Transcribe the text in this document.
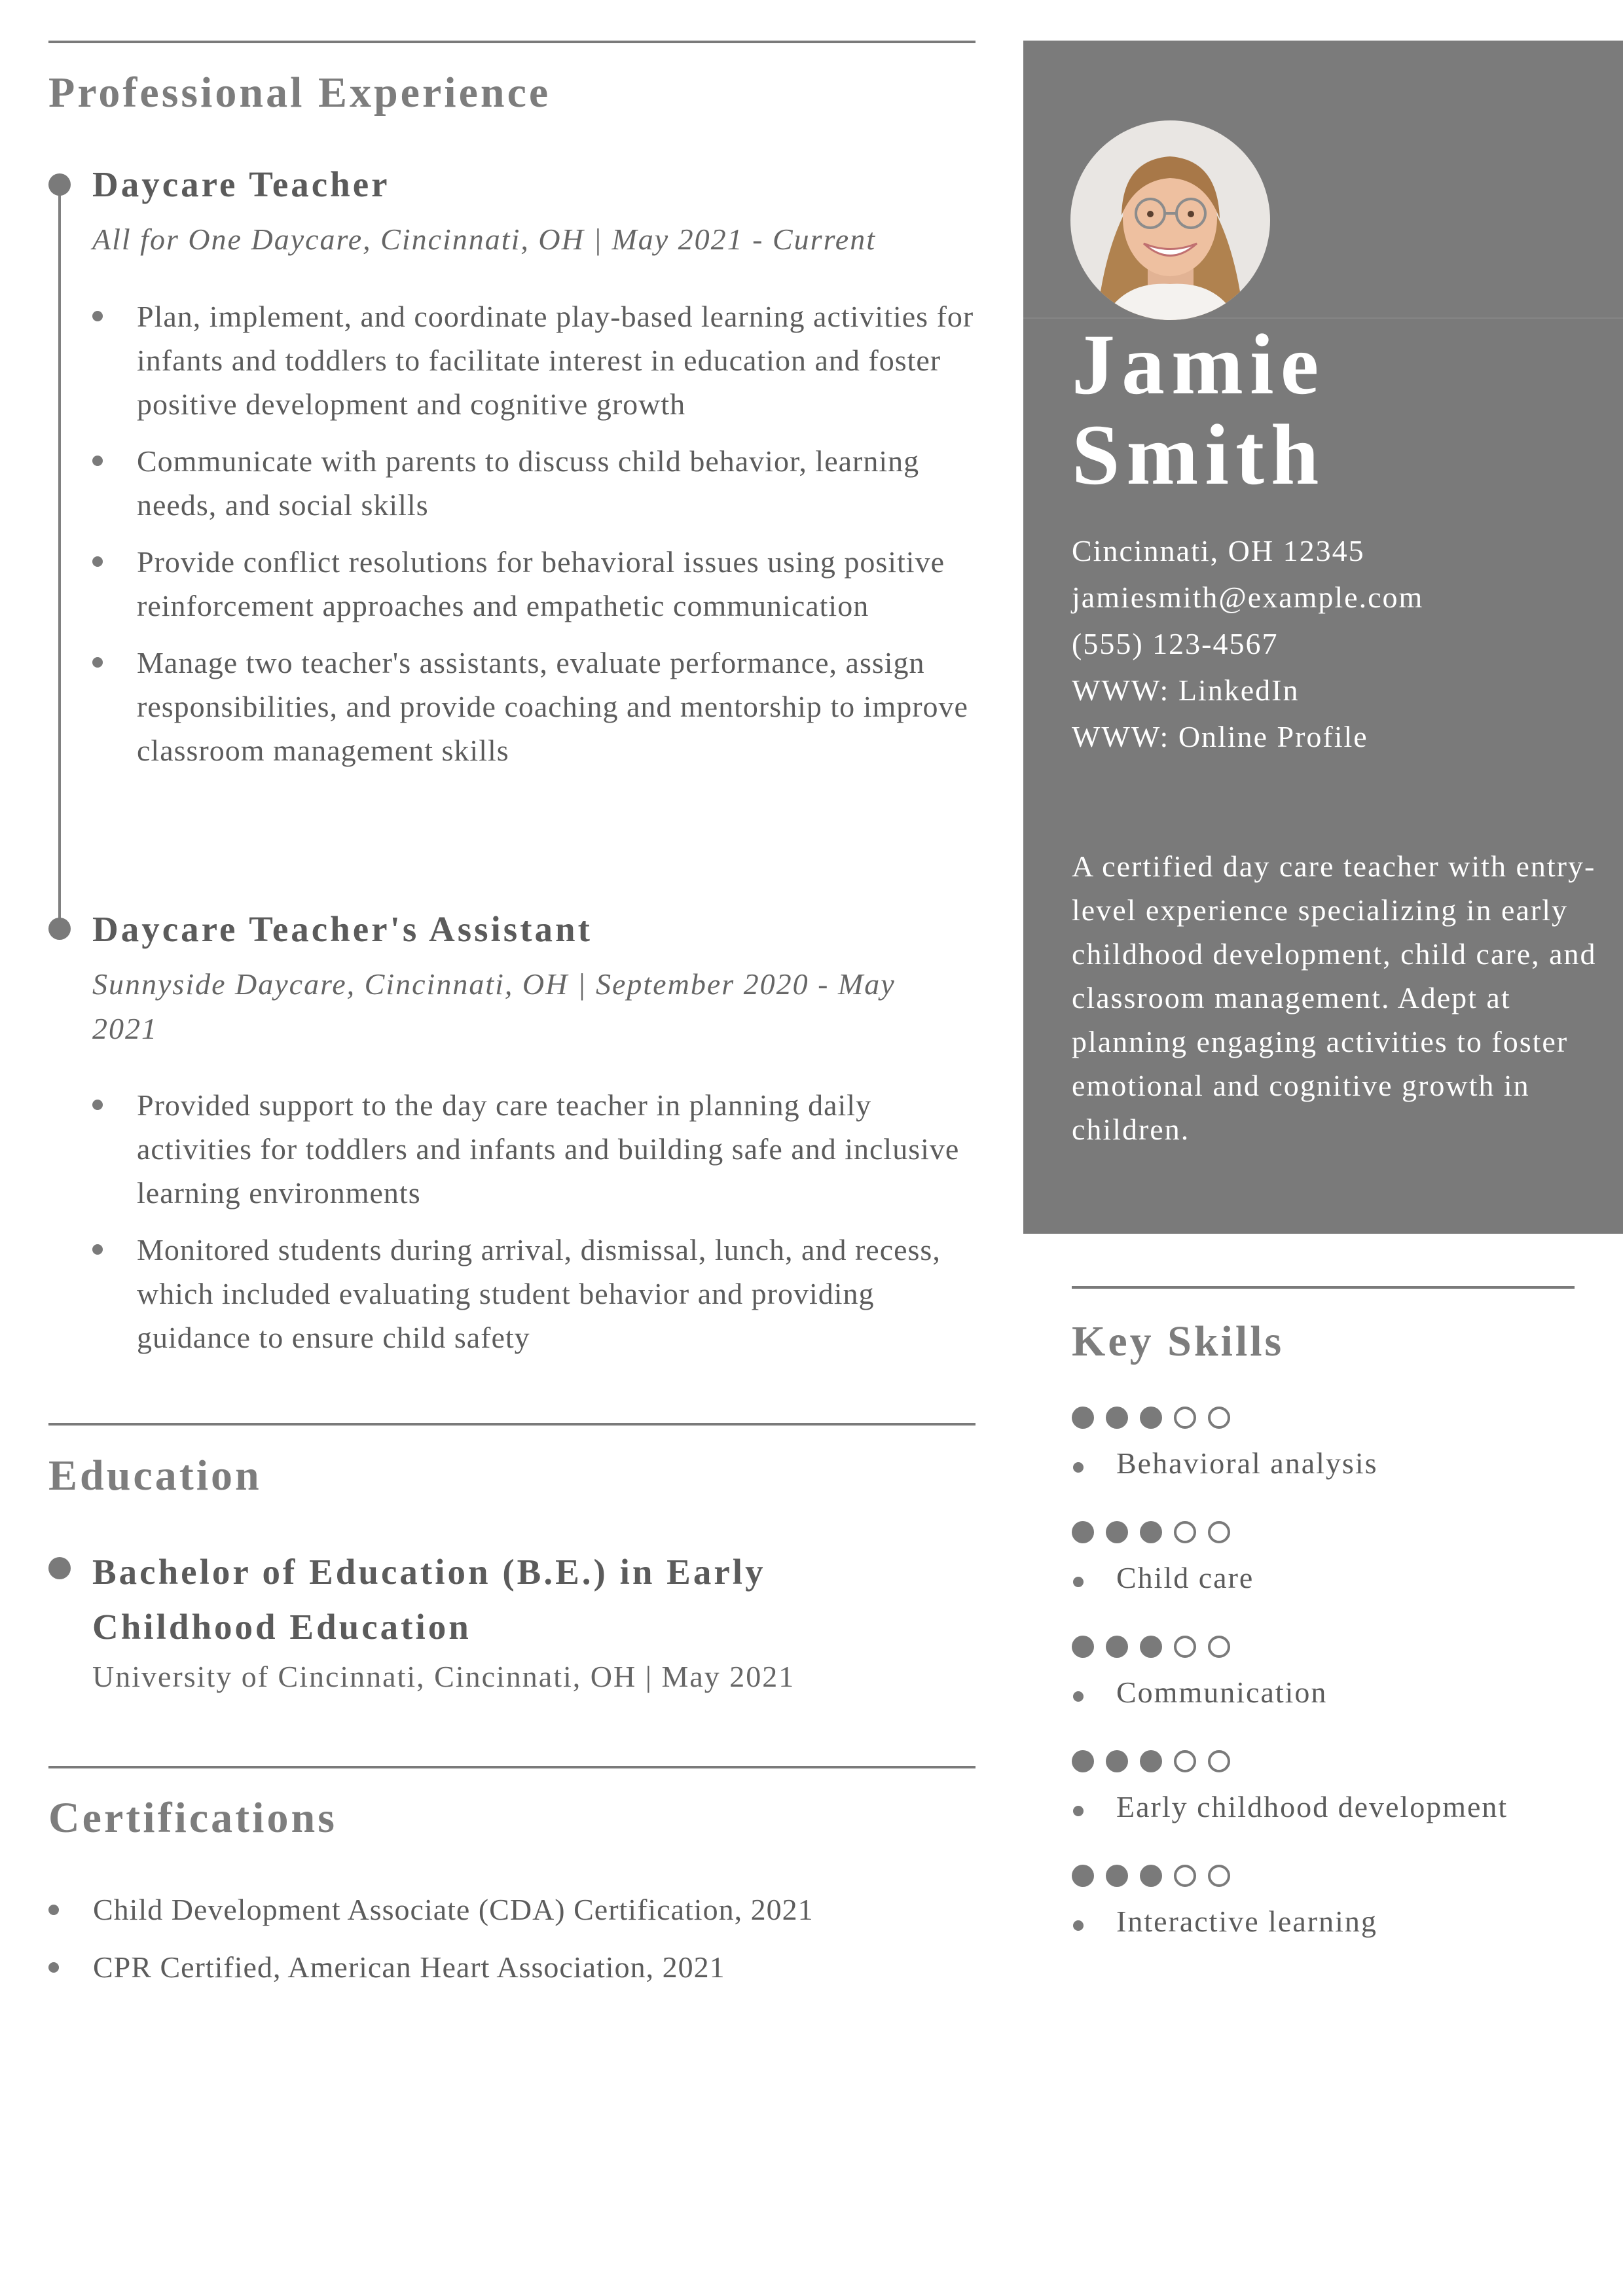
Professional Experience
Daycare Teacher
All for One Daycare, Cincinnati, OH | May 2021 - Current
Plan, implement, and coordinate play-based learning activities for infants and toddlers to facilitate interest in education and foster positive development and cognitive growth
Communicate with parents to discuss child behavior, learning needs, and social skills
Provide conflict resolutions for behavioral issues using positive reinforcement approaches and empathetic communication
Manage two teacher's assistants, evaluate performance, assign responsibilities, and provide coaching and mentorship to improve classroom management skills
Daycare Teacher's Assistant
Sunnyside Daycare, Cincinnati, OH | September 2020 - May 2021
Provided support to the day care teacher in planning daily activities for toddlers and infants and building safe and inclusive learning environments
Monitored students during arrival, dismissal, lunch, and recess, which included evaluating student behavior and providing guidance to ensure child safety
Education
Bachelor of Education (B.E.) in Early Childhood Education
University of Cincinnati, Cincinnati, OH | May 2021
Certifications
Child Development Associate (CDA) Certification, 2021
CPR Certified, American Heart Association, 2021
Jamie
Smith
Cincinnati, OH 12345
jamiesmith@example.com
(555) 123-4567
WWW: LinkedIn
WWW: Online Profile
A certified day care teacher with entry-level experience specializing in early childhood development, child care, and classroom management. Adept at planning engaging activities to foster emotional and cognitive growth in children.
Key Skills
Behavioral analysis
Child care
Communication
Early childhood development
Interactive learning
